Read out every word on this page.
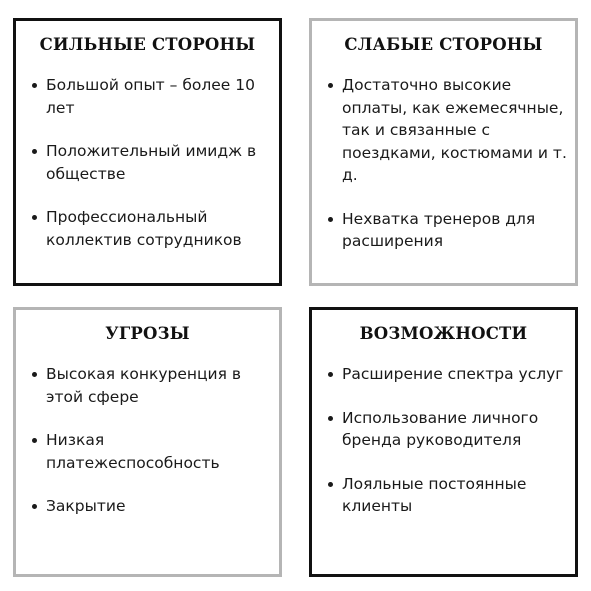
СИЛЬНЫЕ СТОРОНЫ
Большой опыт – более 10 лет
Положительный имидж в обществе
Профессиональный коллектив сотрудников
СЛАБЫЕ СТОРОНЫ
Достаточно высокие оплаты, как ежемесячные, так и связанные с поездками, костюмами и т. д.
Нехватка тренеров для расширения
УГРОЗЫ
Высокая конкуренция в этой сфере
Низкая платежеспособность
Закрытие
ВОЗМОЖНОСТИ
Расширение спектра услуг
Использование личного бренда руководителя
Лояльные постоянные клиенты
